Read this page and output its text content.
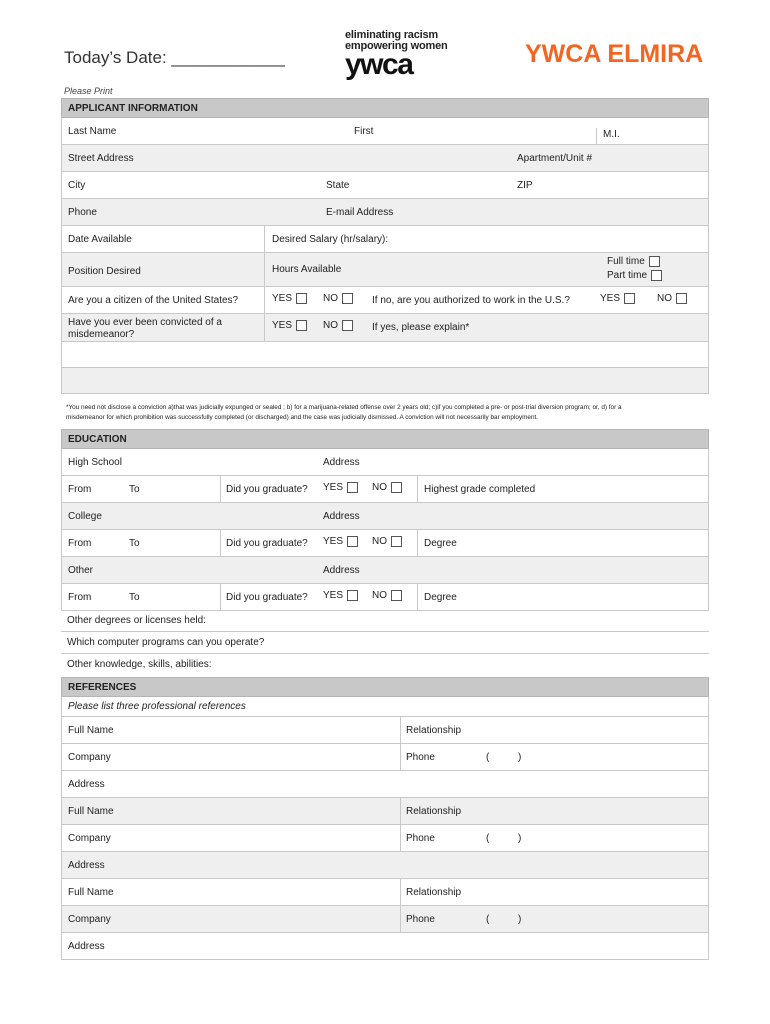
Today’s Date: ____________
eliminating racism
empowering women
ywca	YWCA ELMIRA
Please Print
APPLICANT INFORMATION
Last Name	First	M.I.
Street Address	Apartment/Unit #
City	State	ZIP
Phone	E-mail Address
Date Available	Desired Salary (hr/salary):
Position Desired	Hours Available
Full time
Part time
Are you a citizen of the United States?	YES	NO	If no, are you authorized to work in the U.S.?	YES	NO
Have you ever been convicted of a
misdemeanor?
YES	NO	If yes, please explain*
*You need not disclose a conviction a)that was judicially expunged or sealed ; b) for a marijuana-related offense over 2 years old; c)if you completed a pre- or post-trial diversion program; or, d) for a
misdemeanor for which prohibition was successfully completed (or discharged) and the case was judicially dismissed. A conviction will not necessarily bar employment.
EDUCATION
High School	Address
From	To	Did you graduate? YES	NO	Highest grade completed
College	Address
From	To	Did you graduate? YES	NO	Degree
Other	Address
From	To	Did you graduate? YES	NO	Degree
Other degrees or licenses held:
Which computer programs can you operate?
Other knowledge, skills, abilities:
REFERENCES
Please list three professional references
Full Name	Relationship
Company	Phone	(	)
Address
Full Name	Relationship
Company	Phone	(	)
Address
Full Name	Relationship
Company	Phone	(	)
Address
